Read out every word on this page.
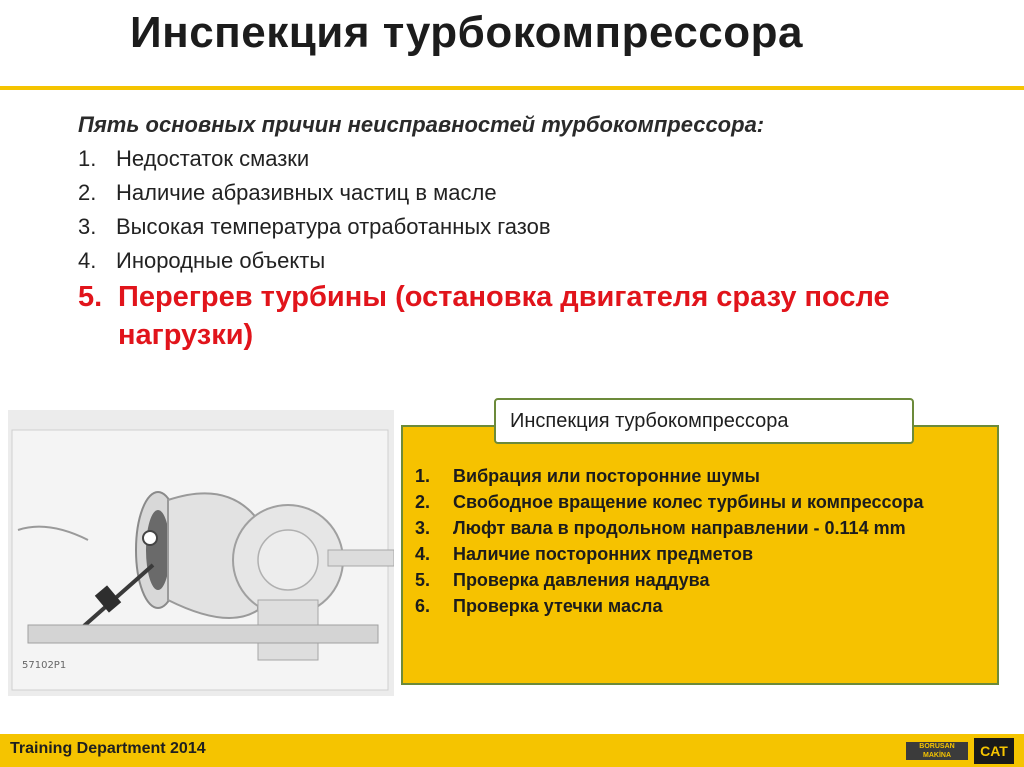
Инспекция турбокомпрессора
Пять основных причин неисправностей турбокомпрессора:
1. Недостаток смазки
2. Наличие абразивных частиц в масле
3. Высокая температура отработанных газов
4. Инородные объекты
5. Перегрев турбины (остановка двигателя сразу после нагрузки)
57102P1
1.	Вибрация или посторонние шумы
2.	Свободное вращение колес турбины и компрессора
3.	Люфт вала в продольном направлении - 0.114 mm
4.	Наличие посторонних предметов
5.	Проверка давления наддува
6.	Проверка утечки масла
Инспекция турбокомпрессора
Training Department 2014	BORUSAN MAKİNA	CAT
